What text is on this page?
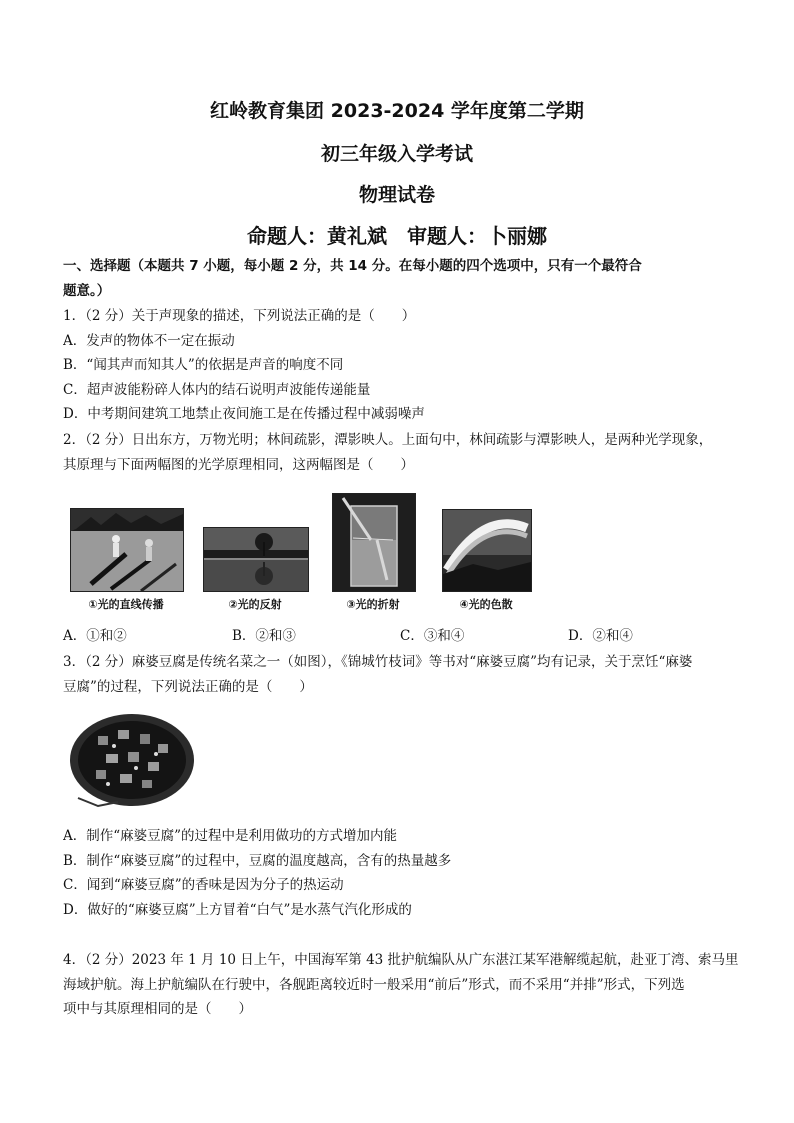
红岭教育集团 2023-2024 学年度第二学期
初三年级入学考试
物理试卷
命题人：黄礼斌　审题人：卜丽娜
一、选择题（本题共 7 小题，每小题 2 分，共 14 分。在每小题的四个选项中，只有一个最符合
题意。）
1．（2 分）关于声现象的描述，下列说法正确的是（　　）
A．发声的物体不一定在振动
B．“闻其声而知其人”的依据是声音的响度不同
C．超声波能粉碎人体内的结石说明声波能传递能量
D．中考期间建筑工地禁止夜间施工是在传播过程中减弱噪声
2．（2 分）日出东方，万物光明；林间疏影，潭影映人。上面句中，林间疏影与潭影映人，是两种光学现象，
其原理与下面两幅图的光学原理相同，这两幅图是（　　）
①光的直线传播	②光的反射	③光的折射	④光的色散
A．①和②	B．②和③	C．③和④	D．②和④
3．（2 分）麻婆豆腐是传统名菜之一（如图），《锦城竹枝词》等书对“麻婆豆腐”均有记录，关于烹饪“麻婆
豆腐”的过程，下列说法正确的是（　　）
A．制作“麻婆豆腐”的过程中是利用做功的方式增加内能
B．制作“麻婆豆腐”的过程中，豆腐的温度越高，含有的热量越多
C．闻到“麻婆豆腐”的香味是因为分子的热运动
D．做好的“麻婆豆腐”上方冒着“白气”是水蒸气汽化形成的
4．（2 分）2023 年 1 月 10 日上午，中国海军第 43 批护航编队从广东湛江某军港解缆起航，赴亚丁湾、索马里
海域护航。海上护航编队在行驶中，各舰距离较近时一般采用“前后”形式，而不采用“并排”形式，下列选
项中与其原理相同的是（　　）
